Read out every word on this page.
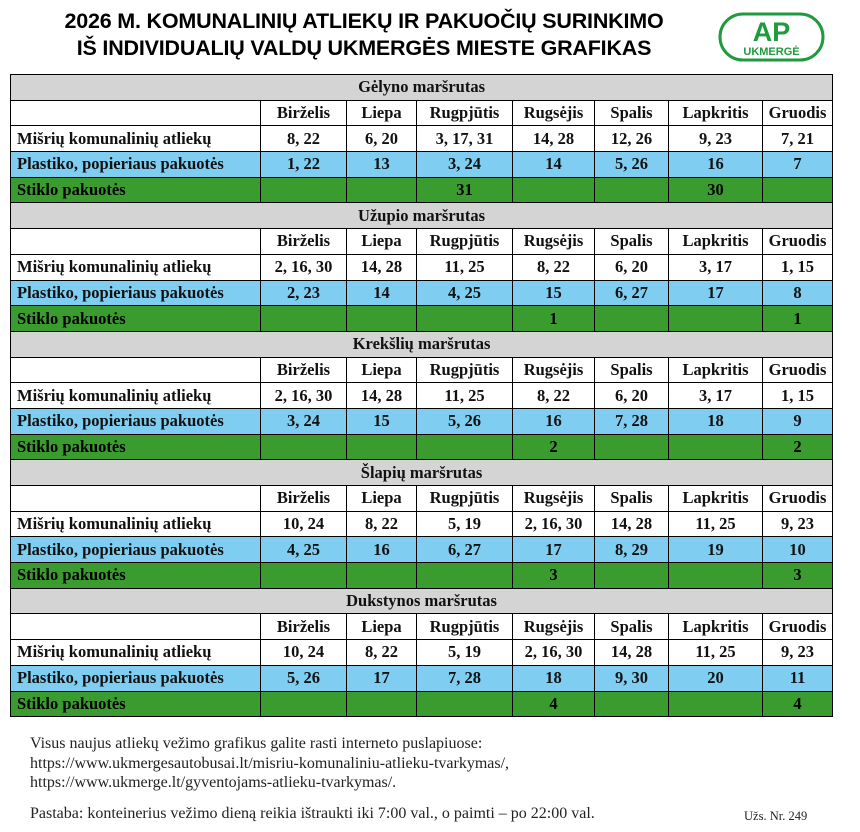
2026 M. KOMUNALINIŲ ATLIEKŲ IR PAKUOČIŲ SURINKIMO
IŠ INDIVIDUALIŲ VALDŲ UKMERGĖS MIESTE GRAFIKAS
AP
UKMERGĖ
Gėlyno maršrutas							
	Birželis	Liepa	Rugpjūtis	Rugsėjis	Spalis	Lapkritis	Gruodis
Mišrių komunalinių atliekų	8, 22	6, 20	3, 17, 31	14, 28	12, 26	9, 23	7, 21
Plastiko, popieriaus pakuotės	1, 22	13	3, 24	14	5, 26	16	7
Stiklo pakuotės			31			30	
Užupio maršrutas							
	Birželis	Liepa	Rugpjūtis	Rugsėjis	Spalis	Lapkritis	Gruodis
Mišrių komunalinių atliekų	2, 16, 30	14, 28	11, 25	8, 22	6, 20	3, 17	1, 15
Plastiko, popieriaus pakuotės	2, 23	14	4, 25	15	6, 27	17	8
Stiklo pakuotės				1			1
Krekšlių maršrutas							
	Birželis	Liepa	Rugpjūtis	Rugsėjis	Spalis	Lapkritis	Gruodis
Mišrių komunalinių atliekų	2, 16, 30	14, 28	11, 25	8, 22	6, 20	3, 17	1, 15
Plastiko, popieriaus pakuotės	3, 24	15	5, 26	16	7, 28	18	9
Stiklo pakuotės				2			2
Šlapių maršrutas							
	Birželis	Liepa	Rugpjūtis	Rugsėjis	Spalis	Lapkritis	Gruodis
Mišrių komunalinių atliekų	10, 24	8, 22	5, 19	2, 16, 30	14, 28	11, 25	9, 23
Plastiko, popieriaus pakuotės	4, 25	16	6, 27	17	8, 29	19	10
Stiklo pakuotės				3			3
Dukstynos maršrutas							
	Birželis	Liepa	Rugpjūtis	Rugsėjis	Spalis	Lapkritis	Gruodis
Mišrių komunalinių atliekų	10, 24	8, 22	5, 19	2, 16, 30	14, 28	11, 25	9, 23
Plastiko, popieriaus pakuotės	5, 26	17	7, 28	18	9, 30	20	11
Stiklo pakuotės				4			4
Visus naujus atliekų vežimo grafikus galite rasti interneto puslapiuose:
https://www.ukmergesautobusai.lt/misriu-komunaliniu-atlieku-tvarkymas/,
https://www.ukmerge.lt/gyventojams-atlieku-tvarkymas/.
Pastaba: konteinerius vežimo dieną reikia ištraukti iki 7:00 val., o paimti – po 22:00 val.	Užs. Nr. 249
